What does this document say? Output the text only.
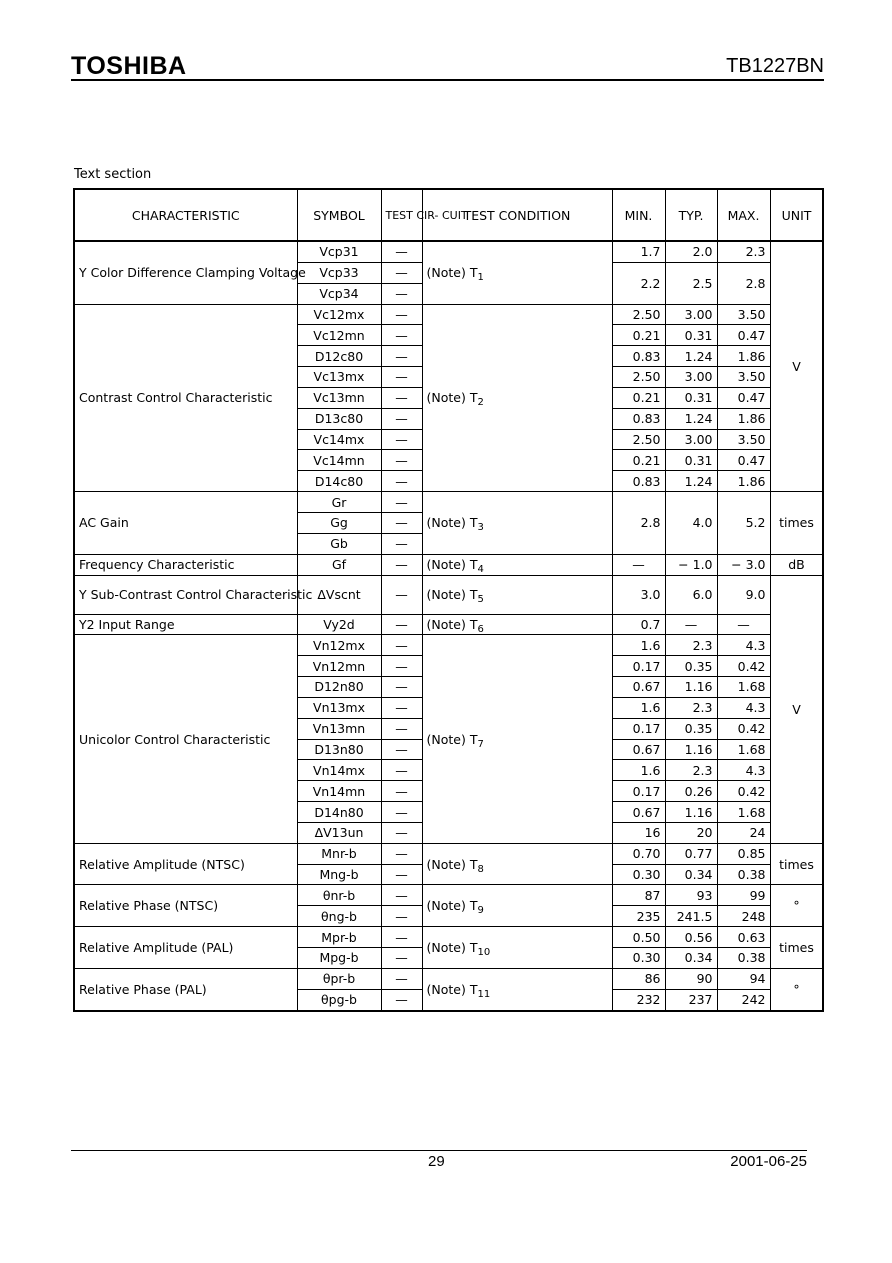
TOSHIBA	TB1227BN
Text section
CHARACTERISTIC	SYMBOL	TEST CIR- CUIT	TEST CONDITION	MIN.	TYP.	MAX.	UNIT	
Y Color Difference Clamping Voltage	Vcp31	—	(Note) $T_1$	1.7	2.0	2.3	V	
	Vcp33	—		2.2	2.5	2.8		
	Vcp34	—						
Contrast Control Characteristic	Vc12mx	—	(Note) $T_2$	2.50	3.00	3.50		
	Vc12mn	—		0.21	0.31	0.47		
	D12c80	—		0.83	1.24	1.86		
	Vc13mx	—		2.50	3.00	3.50		
	Vc13mn	—		0.21	0.31	0.47		
	D13c80	—		0.83	1.24	1.86		
	Vc14mx	—		2.50	3.00	3.50		
	Vc14mn	—		0.21	0.31	0.47		
	D14c80	—		0.83	1.24	1.86		
AC Gain	Gr	—	(Note) $T_3$	2.8	4.0	5.2	times	
	Gg	—						
	Gb	—						
Frequency Characteristic	Gf	—	(Note) $T_4$	—	− 1.0	− 3.0	dB	
Y Sub-Contrast Control Characteristic	ΔVscnt	—	(Note) $T_5$	3.0	6.0	9.0	V	
Y2 Input Range	Vy2d	—	(Note) $T_6$	0.7	—	—		
Unicolor Control Characteristic	Vn12mx	—	(Note) $T_7$	1.6	2.3	4.3		
	Vn12mn	—		0.17	0.35	0.42		
	D12n80	—		0.67	1.16	1.68		
	Vn13mx	—		1.6	2.3	4.3		
	Vn13mn	—		0.17	0.35	0.42		
	D13n80	—		0.67	1.16	1.68		
	Vn14mx	—		1.6	2.3	4.3		
	Vn14mn	—		0.17	0.26	0.42		
	D14n80	—		0.67	1.16	1.68		
	ΔV13un	—		16	20	24	
Relative Amplitude (NTSC)	Mnr-b	—	(Note) $T_8$	0.70	0.77	0.85	times	
	Mng-b	—		0.30	0.34	0.38		
Relative Phase (NTSC)	θnr-b	—	(Note) $T_9$	87	93	99	°	
	θng-b	—		235	241.5	248		
Relative Amplitude (PAL)	Mpr-b	—	(Note) $T_{10}$	0.50	0.56	0.63	times	
	Mpg-b	—		0.30	0.34	0.38		
Relative Phase (PAL)	θpr-b	—	(Note) $T_{11}$	86	90	94	°	
	θpg-b	—		232	237	242		
29	2001-06-25
